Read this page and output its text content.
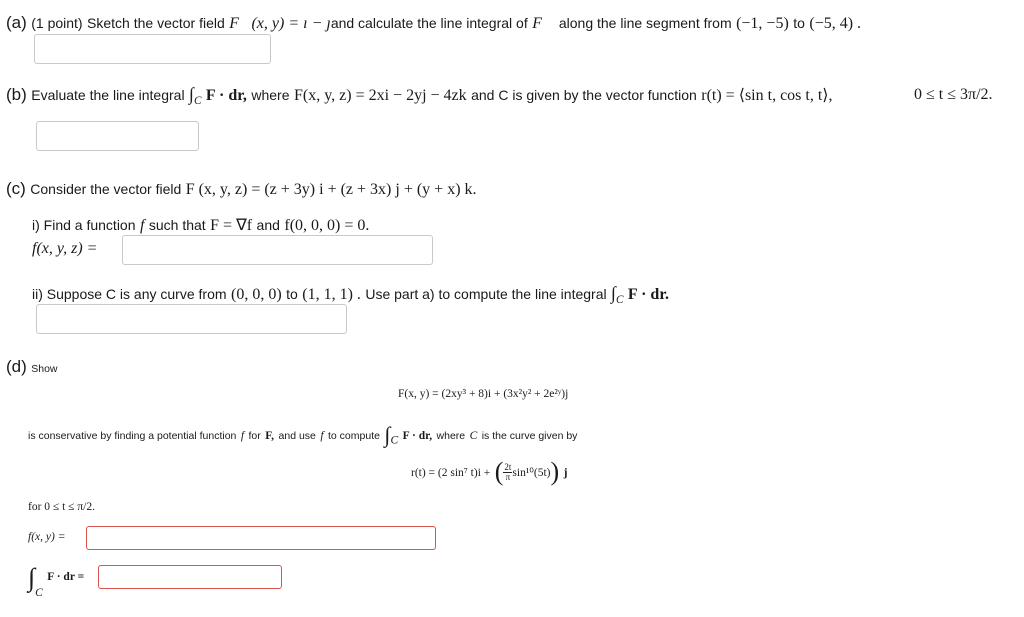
(a) (1 point) Sketch the vector field F⃗(x, y) = ı − ȷand calculate the line integral of F⃗ along the line segment from (−1, −5) to (−5, 4) .
(b) Evaluate the line integral $\int_C$ F · dr, where F(x, y, z) = 2xi − 2yj − 4zk and C is given by the vector function r(t) = ⟨sin t, cos t, t⟩,	0 ≤ t ≤ 3π/2.
(c) Consider the vector field F (x, y, z) = (z + 3y) i + (z + 3x) j + (y + x) k.
i) Find a function f such that F = ∇f and f(0, 0, 0) = 0.
f(x, y, z) =
ii) Suppose C is any curve from (0, 0, 0) to (1, 1, 1) . Use part a) to compute the line integral $\int_C$ F · dr.
(d) Show
F(x, y) = (2xy³ + 8)i + (3x²y² + 2e²ʸ)j
is conservative by finding a potential function f for F, and use f to compute $\int_C$ F · dr, where C is the curve given by
r(t) = (2 sin⁷ t)i + ( $\frac{2t}{\pi} \sin^{10}(5t)$) j
for 0 ≤ t ≤ π/2.
f(x, y) =
$\int_C$ $^{F \cdot dr =}$
